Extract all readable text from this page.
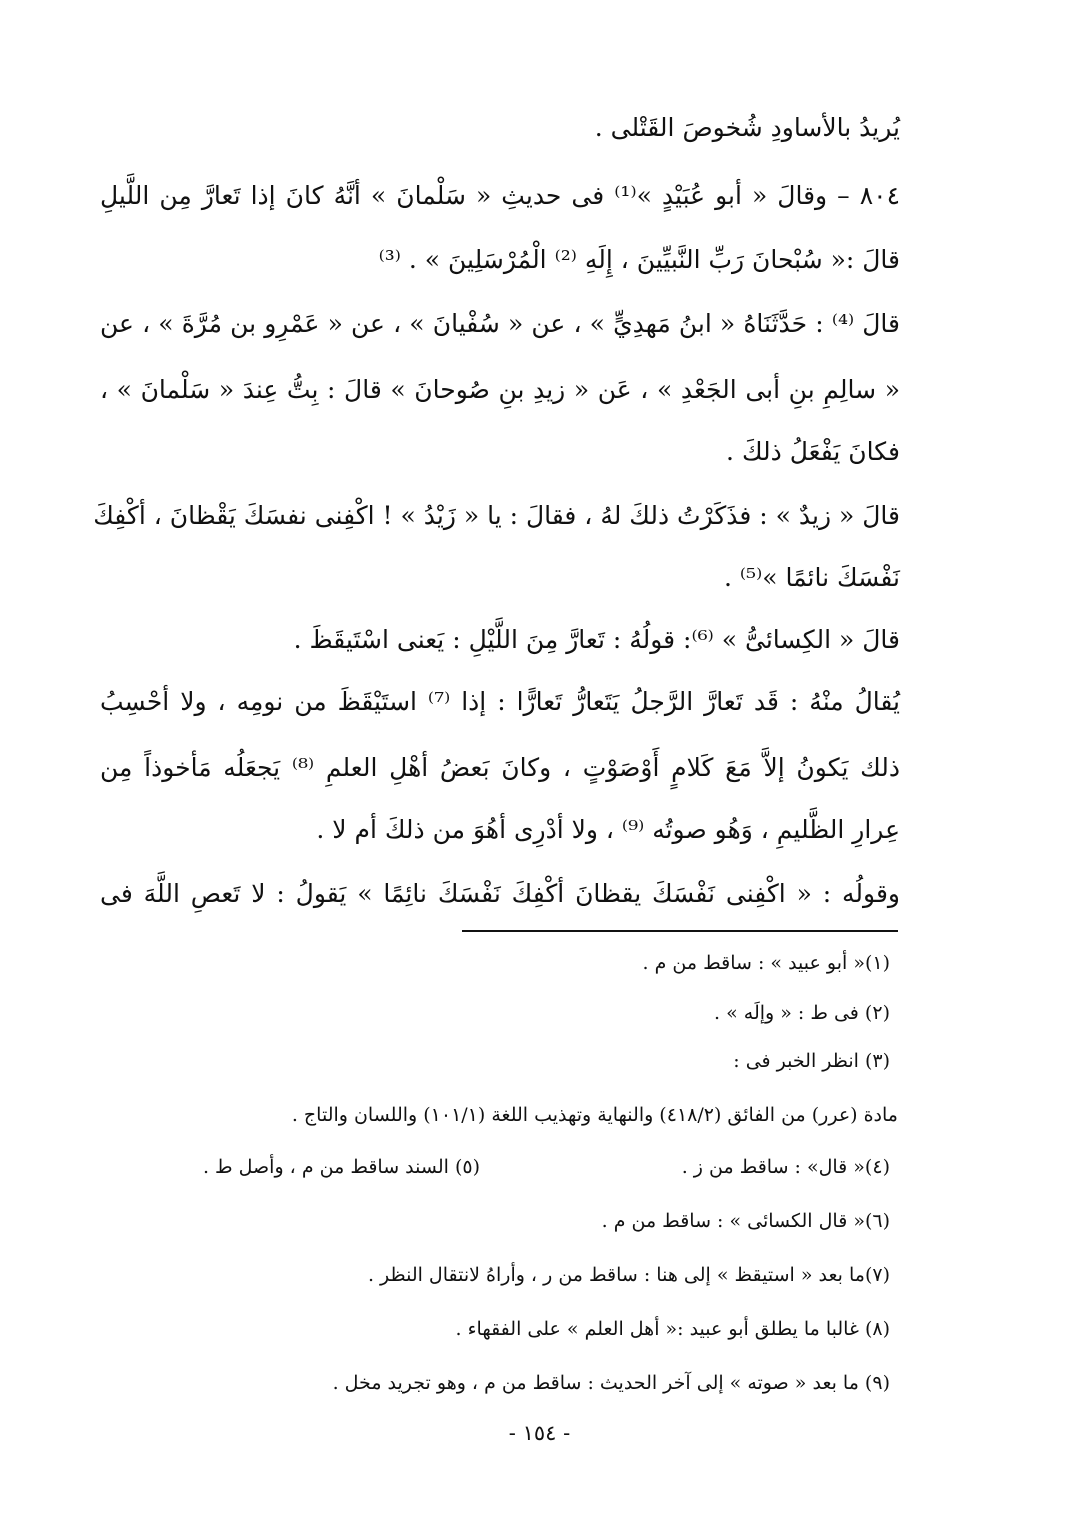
يُريدُ بالأساودِ شُخوصَ القَتْلى .
٨٠٤ – وقالَ « أبو عُبَيْدٍ »⁽¹⁾ فى حديثِ « سَلْمانَ » أنَّهُ كانَ إذا تَعارَّ مِن اللَّيلِ
قالَ :« سُبْحانَ رَبِّ النَّبيِّينَ ، إِلَهِ ⁽²⁾ الْمُرْسَلِينَ » . ⁽³⁾
قالَ ⁽⁴⁾ : حَدَّثَنَاهُ « ابنُ مَهدِيٍّ » ، عن « سُفْيانَ » ، عن « عَمْرِو بن مُرَّةَ » ، عن
« سالِمِ بنِ أبى الجَعْدِ » ، عَن « زيدِ بنِ صُوحانَ » قالَ : بِتُّ عِندَ « سَلْمانَ » ،
فكانَ يَفْعَلُ ذلكَ .
قالَ « زيدٌ » : فذَكَرْتُ ذلكَ لهُ ، فقالَ : يا « زَيْدُ » ! اكْفِنى نفسَكَ يَقْظانَ ، أكْفِكَ
نَفْسَكَ نائمًا »⁽⁵⁾ .
قالَ « الكِسائىُّ » ⁽⁶⁾: قولُهُ : تَعارَّ مِنَ اللَّيْلِ : يَعنى اسْتَيقَظَ .
يُقالُ منْهُ : قَد تَعارَّ الرَّجلُ يَتَعارُّ تَعارًّا : إذا ⁽⁷⁾ استَيْقَظَ من نومِه ، ولا أحْسِبُ
ذلك يَكونُ إلاَّ مَعَ كَلامٍ أَوْصَوْتٍ ، وكانَ بَعضُ أهْلِ العلمِ ⁽⁸⁾ يَجعَلُه مَأخوذاً مِن
عِرارِ الظَّليمِ ، وَهُو صوتُه ⁽⁹⁾ ، ولا أدْرِى أهُوَ من ذلكَ أم لا .
وقولُه : « اكْفِنى نَفْسَكَ يقظانَ أكْفِكَ نَفْسَكَ نائِمًا » يَقولُ : لا تَعصِ اللَّهَ فى
(١)« أبو عبيد » : ساقط من م .
(٢) فى ط : « وإلَه » .
(٣) انظر الخبر فى :
مادة (عرر) من الفائق (٤١٨/٢) والنهاية وتهذيب اللغة (١٠١/١) واللسان والتاج .
(٤)« قال» : ساقط من ز .
(٥) السند ساقط من م ، وأصل ط .
(٦)« قال الكسائى » : ساقط من م .
(٧)ما بعد « استيقظ » إلى هنا : ساقط من ر ، وأراهُ لانتقال النظر .
(٨) غالبا ما يطلق أبو عبيد :« أهل العلم » على الفقهاء .
(٩) ما بعد « صوته » إلى آخر الحديث : ساقط من م ، وهو تجريد مخل .
- ١٥٤ -
